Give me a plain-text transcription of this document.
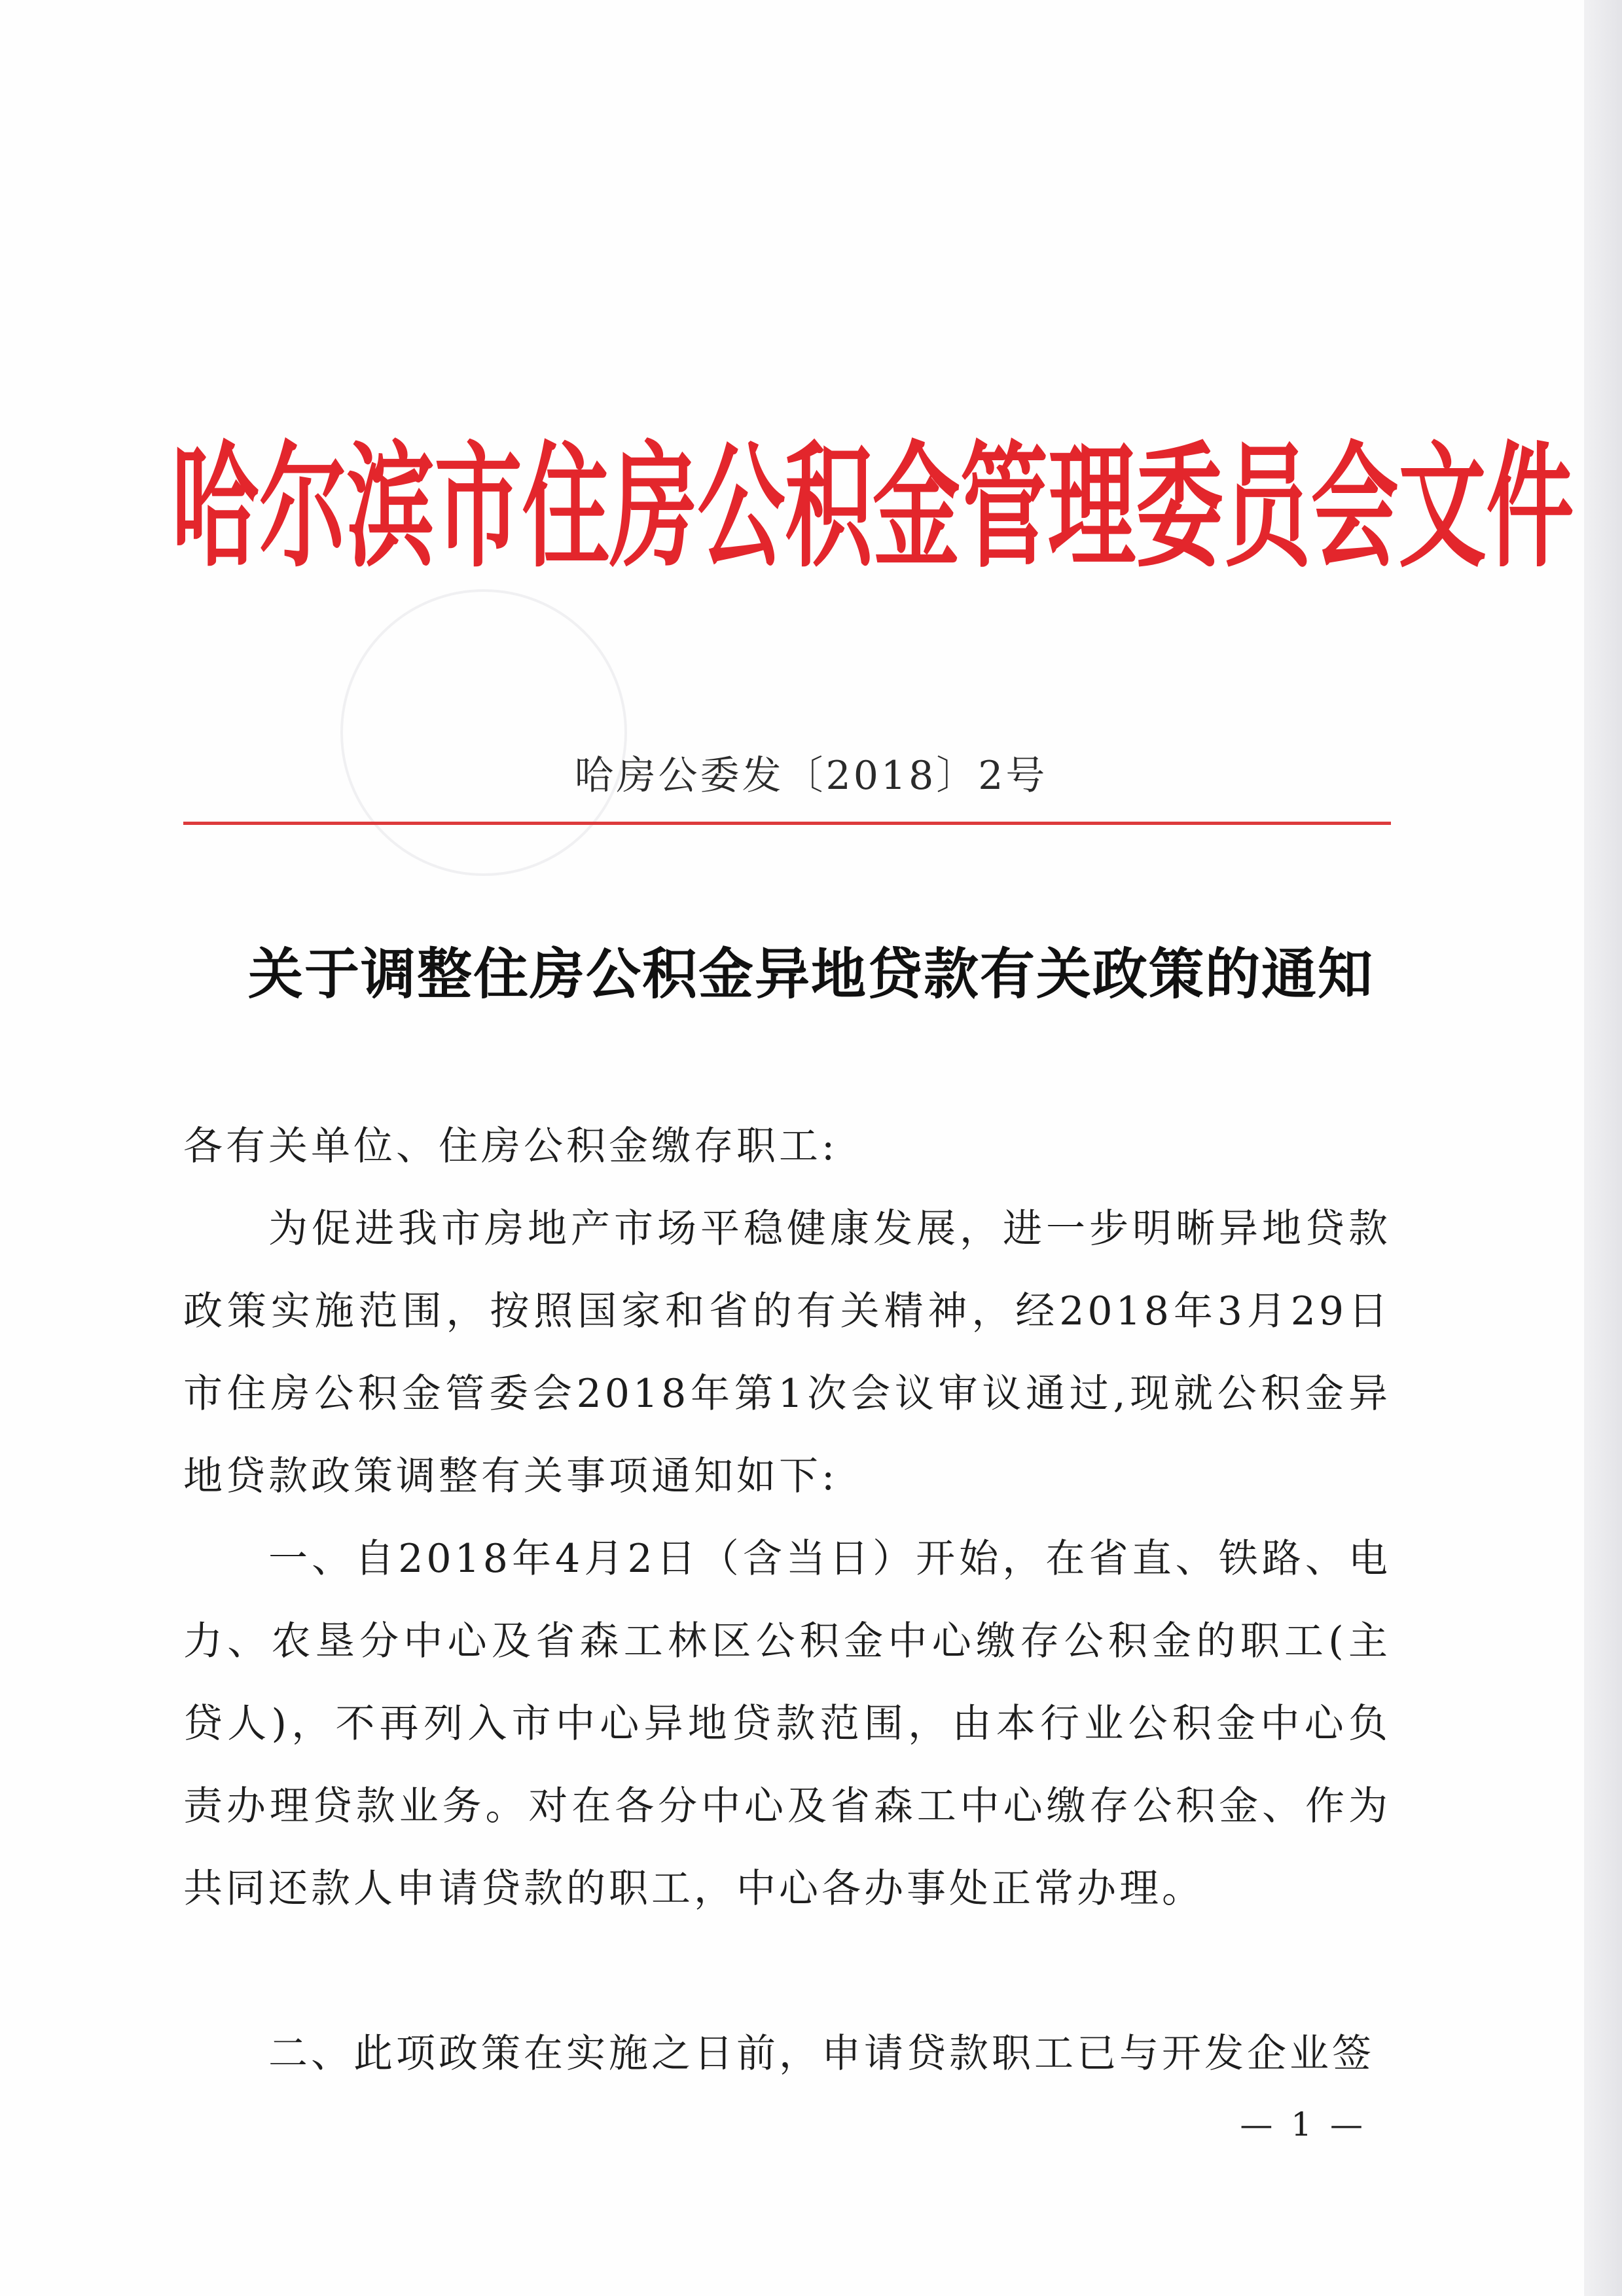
哈尔滨市住房公积金管理委员会文件
哈房公委发〔2018〕2号
关于调整住房公积金异地贷款有关政策的通知
各有关单位、住房公积金缴存职工:
为促进我市房地产市场平稳健康发展，进一步明晰异地贷款政策实施范围，按照国家和省的有关精神，经2018年3月29日市住房公积金管委会2018年第1次会议审议通过,现就公积金异地贷款政策调整有关事项通知如下:
一、自2018年4月2日（含当日）开始，在省直、铁路、电力、农垦分中心及省森工林区公积金中心缴存公积金的职工(主贷人)，不再列入市中心异地贷款范围，由本行业公积金中心负责办理贷款业务。对在各分中心及省森工中心缴存公积金、作为共同还款人申请贷款的职工，中心各办事处正常办理。
二、此项政策在实施之日前，申请贷款职工已与开发企业签
— 1 —
